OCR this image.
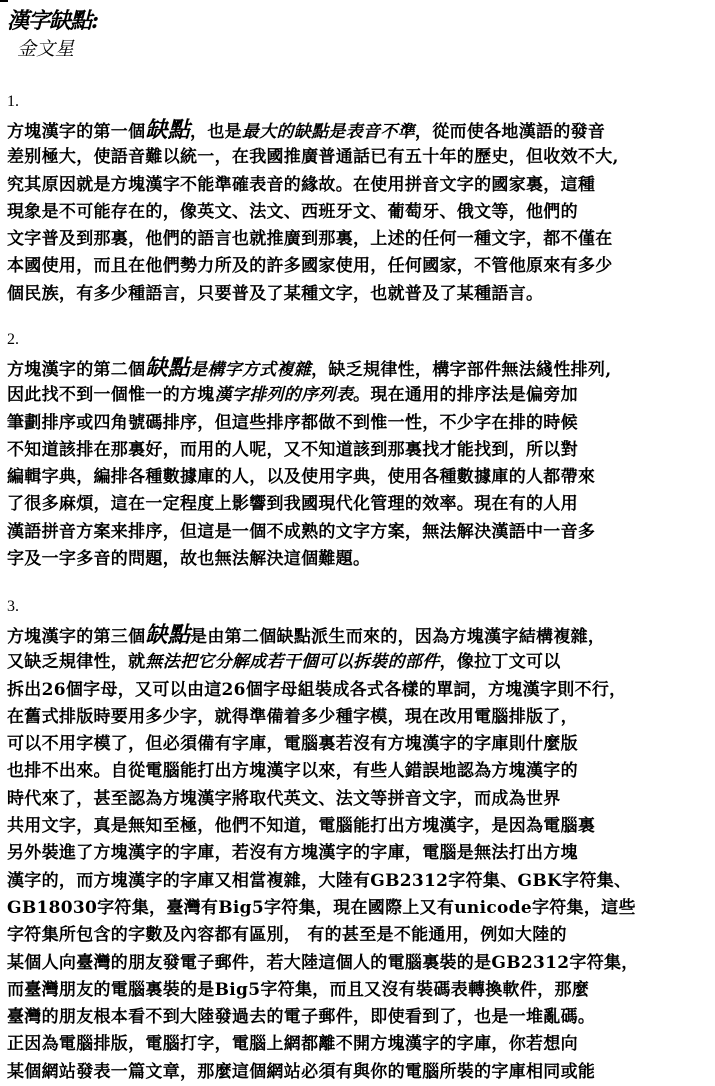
漢字缺點:
金文星
1.
方塊漢字的第一個缺點，也是最大的缺點是表音不準，從而使各地漢語的發音
差别極大，使語音難以統一，在我國推廣普通話已有五十年的歷史，但收效不大,
究其原因就是方塊漢字不能準確表音的緣故。在使用拼音文字的國家裏，這種
現象是不可能存在的，像英文、法文、西班牙文、葡萄牙、俄文等，他們的
文字普及到那裏，他們的語言也就推廣到那裏，上述的任何一種文字，都不僅在
本國使用，而且在他們勢力所及的許多國家使用，任何國家，不管他原來有多少
個民族，有多少種語言，只要普及了某種文字，也就普及了某種語言。
2.
方塊漢字的第二個缺點是構字方式複雜，缺乏規律性，構字部件無法綫性排列,
因此找不到一個惟一的方塊漢字排列的序列表。現在通用的排序法是偏旁加
筆劃排序或四角號碼排序，但這些排序都做不到惟一性，不少字在排的時候
不知道該排在那裏好，而用的人呢，又不知道該到那裏找才能找到，所以對
編輯字典，編排各種數據庫的人，以及使用字典，使用各種數據庫的人都帶來
了很多麻煩，這在一定程度上影響到我國現代化管理的效率。現在有的人用
漢語拼音方案来排序，但這是一個不成熟的文字方案，無法解決漢語中一音多
字及一字多音的問題，故也無法解決這個難題。
3.
方塊漢字的第三個缺點是由第二個缺點派生而來的，因為方塊漢字結構複雜，
又缺乏規律性，就無法把它分解成若干個可以拆裝的部件，像拉丁文可以
拆出26個字母，又可以由這26個字母組裝成各式各樣的單詞，方塊漢字則不行，
在舊式排版時要用多少字，就得準備着多少種字模，現在改用電腦排版了，
可以不用字模了，但必須備有字庫，電腦裏若沒有方塊漢字的字庫則什麼版
也排不出來。自從電腦能打出方塊漢字以來，有些人錯誤地認為方塊漢字的
時代來了，甚至認為方塊漢字將取代英文、法文等拼音文字，而成為世界
共用文字，真是無知至極，他們不知道，電腦能打出方塊漢字，是因為電腦裏
另外裝進了方塊漢字的字庫，若沒有方塊漢字的字庫，電腦是無法打出方塊
漢字的，而方塊漢字的字庫又相當複雜，大陸有GB2312字符集、GBK字符集、
GB18030字符集，臺灣有Big5字符集，現在國際上又有unicode字符集，這些
字符集所包含的字數及內容都有區別， 有的甚至是不能通用，例如大陸的
某個人向臺灣的朋友發電子郵件，若大陸這個人的電腦裏裝的是GB2312字符集，
而臺灣朋友的電腦裏裝的是Big5字符集，而且又沒有裝碼表轉換軟件，那麼
臺灣的朋友根本看不到大陸發過去的電子郵件，即使看到了，也是一堆亂碼。
正因為電腦排版，電腦打字，電腦上網都離不開方塊漢字的字庫，你若想向
某個網站發表一篇文章，那麼這個網站必須有與你的電腦所裝的字庫相同或能
